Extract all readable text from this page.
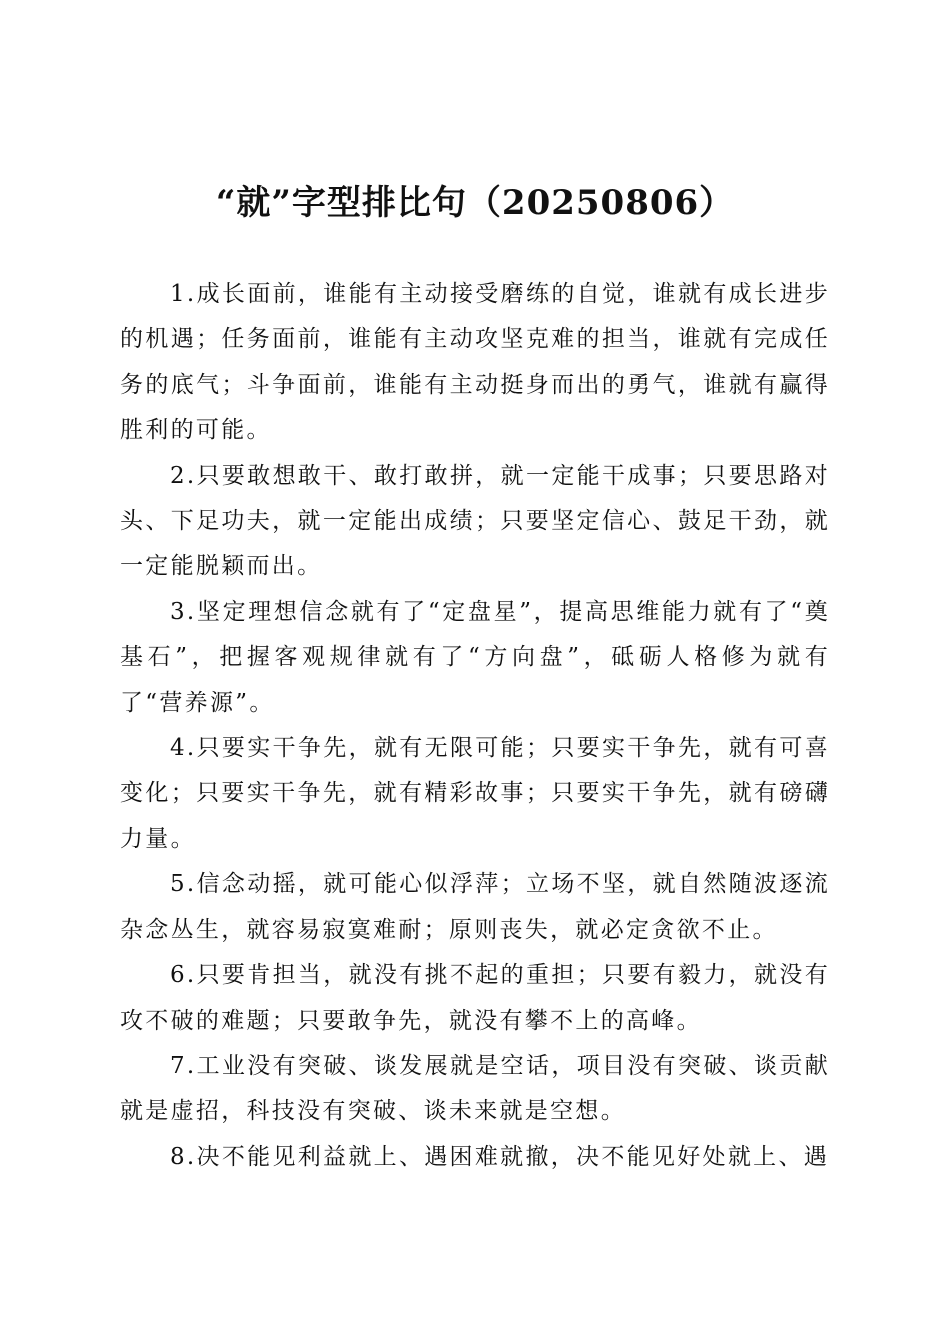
“就”字型排比句（20250806）

1.成长面前，谁能有主动接受磨练的自觉，谁就有成长进步的机遇；任务面前，谁能有主动攻坚克难的担当，谁就有完成任务的底气；斗争面前，谁能有主动挺身而出的勇气，谁就有赢得胜利的可能。

2.只要敢想敢干、敢打敢拼，就一定能干成事；只要思路对头、下足功夫，就一定能出成绩；只要坚定信心、鼓足干劲，就一定能脱颖而出。

3.坚定理想信念就有了“定盘星”，提高思维能力就有了“奠基石”，把握客观规律就有了“方向盘”，砥砺人格修为就有了“营养源”。

4.只要实干争先，就有无限可能；只要实干争先，就有可喜变化；只要实干争先，就有精彩故事；只要实干争先，就有磅礴力量。

5.信念动摇，就可能心似浮萍；立场不坚，就自然随波逐流杂念丛生，就容易寂寞难耐；原则丧失，就必定贪欲不止。

6.只要肯担当，就没有挑不起的重担；只要有毅力，就没有攻不破的难题；只要敢争先，就没有攀不上的高峰。

7.工业没有突破、谈发展就是空话，项目没有突破、谈贡献就是虚招，科技没有突破、谈未来就是空想。

8.决不能见利益就上、遇困难就撤，决不能见好处就上、遇
